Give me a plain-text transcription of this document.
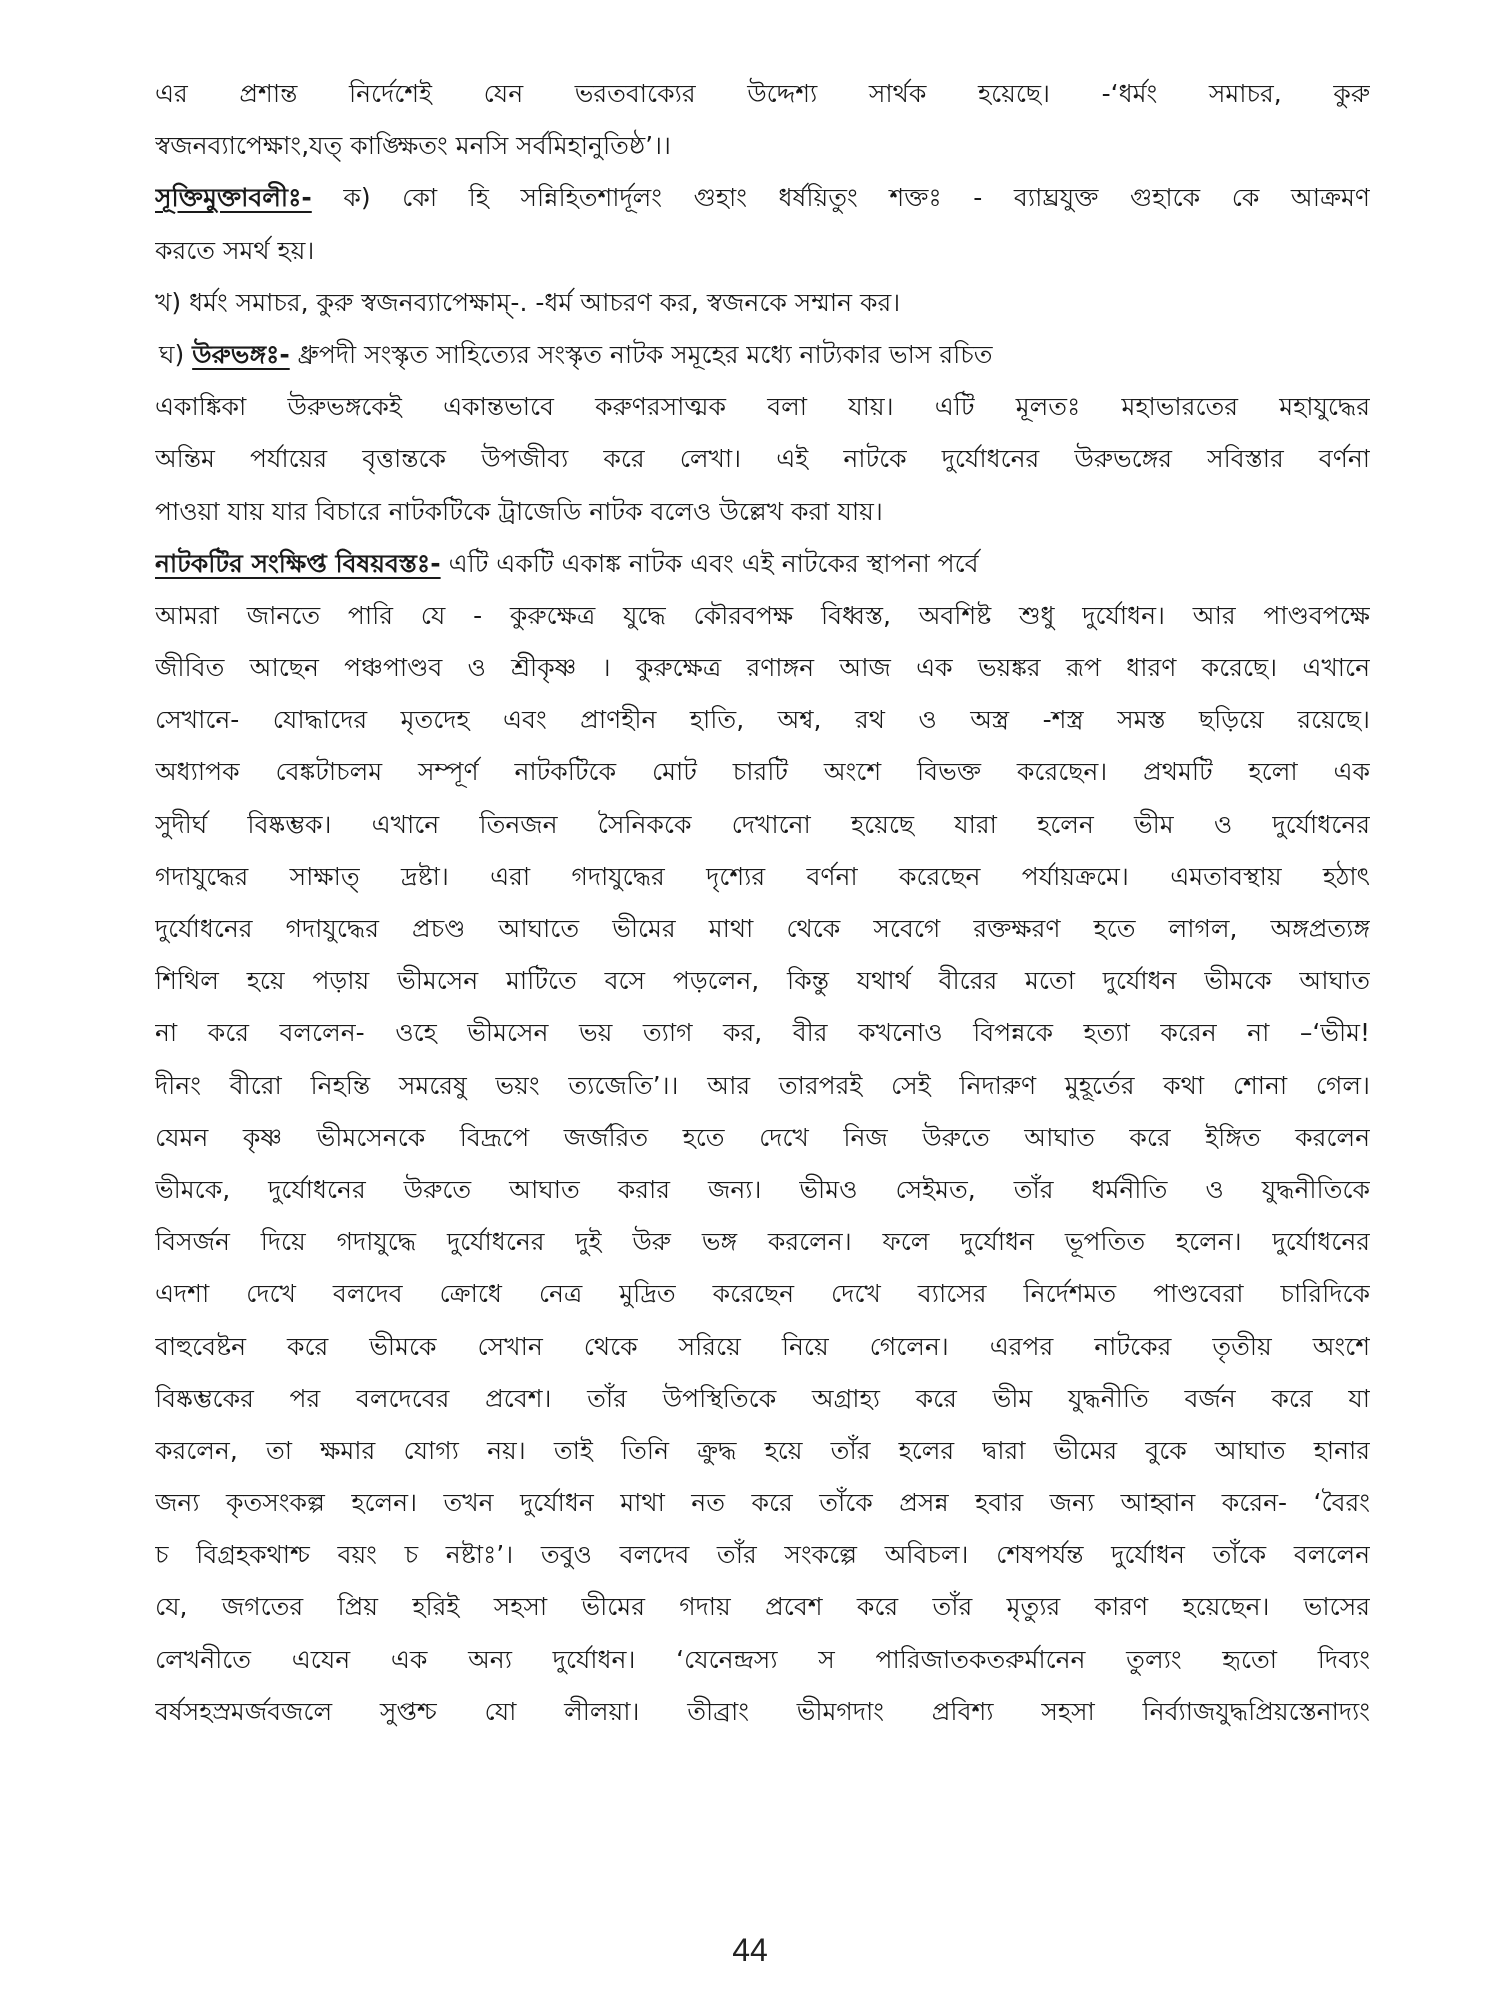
এর প্রশান্ত নির্দেশেই যেন ভরতবাক্যের উদ্দেশ্য সার্থক হয়েছে। -‘ধর্মং সমাচর, কুরু
স্বজনব্যাপেক্ষাং,যত্ কাঙ্ক্ষিতং মনসি সর্বমিহানুতিষ্ঠ’।।
সূক্তিমুক্তাবলীঃ- ক) কো হি সন্নিহিতশার্দূলং গুহাং ধর্ষয়িতুং শক্তঃ - ব্যাঘ্রযুক্ত গুহাকে কে আক্রমণ
করতে সমর্থ হয়।
খ) ধর্মং সমাচর, কুরু স্বজনব্যাপেক্ষাম্-. -ধর্ম আচরণ কর, স্বজনকে সম্মান কর।
ঘ) উরুভঙ্গঃ- ধ্রুপদী সংস্কৃত সাহিত্যের সংস্কৃত নাটক সমূহের মধ্যে নাট্যকার ভাস রচিত
একাঙ্কিকা উরুভঙ্গকেই একান্তভাবে করুণরসাত্মক বলা যায়। এটি মূলতঃ মহাভারতের মহাযুদ্ধের
অন্তিম পর্যায়ের বৃত্তান্তকে উপজীব্য করে লেখা। এই নাটকে দুর্যোধনের উরুভঙ্গের সবিস্তার বর্ণনা
পাওয়া যায় যার বিচারে নাটকটিকে ট্রাজেডি নাটক বলেও উল্লেখ করা যায়।
নাটকটির সংক্ষিপ্ত বিষয়বস্তঃ- এটি একটি একাঙ্ক নাটক এবং এই নাটকের স্থাপনা পর্বে
আমরা জানতে পারি যে - কুরুক্ষেত্র যুদ্ধে কৌরবপক্ষ বিধ্বস্ত, অবশিষ্ট শুধু দুর্যোধন। আর পাণ্ডবপক্ষে
জীবিত আছেন পঞ্চপাণ্ডব ও শ্রীকৃষ্ণ । কুরুক্ষেত্র রণাঙ্গন আজ এক ভয়ঙ্কর রূপ ধারণ করেছে। এখানে
সেখানে- যোদ্ধাদের মৃতদেহ এবং প্রাণহীন হাতি, অশ্ব, রথ ও অস্ত্র -শস্ত্র সমস্ত ছড়িয়ে রয়েছে।
অধ্যাপক বেঙ্কটাচলম সম্পূর্ণ নাটকটিকে মোট চারটি অংশে বিভক্ত করেছেন। প্রথমটি হলো এক
সুদীর্ঘ বিষ্কম্ভক। এখানে তিনজন সৈনিককে দেখানো হয়েছে যারা হলেন ভীম ও দুর্যোধনের
গদাযুদ্ধের সাক্ষাত্ দ্রষ্টা। এরা গদাযুদ্ধের দৃশ্যের বর্ণনা করেছেন পর্যায়ক্রমে। এমতাবস্থায় হঠাৎ
দুর্যোধনের গদাযুদ্ধের প্রচণ্ড আঘাতে ভীমের মাথা থেকে সবেগে রক্তক্ষরণ হতে লাগল, অঙ্গপ্রত্যঙ্গ
শিথিল হয়ে পড়ায় ভীমসেন মাটিতে বসে পড়লেন, কিন্তু যথার্থ বীরের মতো দুর্যোধন ভীমকে আঘাত
না করে বললেন- ওহে ভীমসেন ভয় ত্যাগ কর, বীর কখনোও বিপন্নকে হত্যা করেন না –‘ভীম!
দীনং বীরো নিহন্তি সমরেষু ভয়ং ত্যজেতি’।। আর তারপরই সেই নিদারুণ মুহূর্তের কথা শোনা গেল।
যেমন কৃষ্ণ ভীমসেনকে বিদ্রূপে জর্জরিত হতে দেখে নিজ উরুতে আঘাত করে ইঙ্গিত করলেন
ভীমকে, দুর্যোধনের উরুতে আঘাত করার জন্য। ভীমও সেইমত, তাঁর ধর্মনীতি ও যুদ্ধনীতিকে
বিসর্জন দিয়ে গদাযুদ্ধে দুর্যোধনের দুই উরু ভঙ্গ করলেন। ফলে দুর্যোধন ভূপতিত হলেন। দুর্যোধনের
এদশা দেখে বলদেব ক্রোধে নেত্র মুদ্রিত করেছেন দেখে ব্যাসের নির্দেশমত পাণ্ডবেরা চারিদিকে
বাহুবেষ্টন করে ভীমকে সেখান থেকে সরিয়ে নিয়ে গেলেন। এরপর নাটকের তৃতীয় অংশে
বিষ্কম্ভকের পর বলদেবের প্রবেশ। তাঁর উপস্থিতিকে অগ্রাহ্য করে ভীম যুদ্ধনীতি বর্জন করে যা
করলেন, তা ক্ষমার যোগ্য নয়। তাই তিনি ক্রুদ্ধ হয়ে তাঁর হলের দ্বারা ভীমের বুকে আঘাত হানার
জন্য কৃতসংকল্প হলেন। তখন দুর্যোধন মাথা নত করে তাঁকে প্রসন্ন হবার জন্য আহ্বান করেন- ‘বৈরং
চ বিগ্রহকথাশ্চ বয়ং চ নষ্টাঃ’। তবুও বলদেব তাঁর সংকল্পে অবিচল। শেষপর্যন্ত দুর্যোধন তাঁকে বললেন
যে, জগতের প্রিয় হরিই সহসা ভীমের গদায় প্রবেশ করে তাঁর মৃত্যুর কারণ হয়েছেন। ভাসের
লেখনীতে এযেন এক অন্য দুর্যোধন। ‘যেনেন্দ্রস্য স পারিজাতকতরুর্মানেন তুল্যং হৃতো দিব্যং
বর্ষসহস্রমর্জবজলে সুপ্তশ্চ যো লীলয়া। তীব্রাং ভীমগদাং প্রবিশ্য সহসা নির্ব্যাজযুদ্ধপ্রিয়স্তেনাদ্যং
44
